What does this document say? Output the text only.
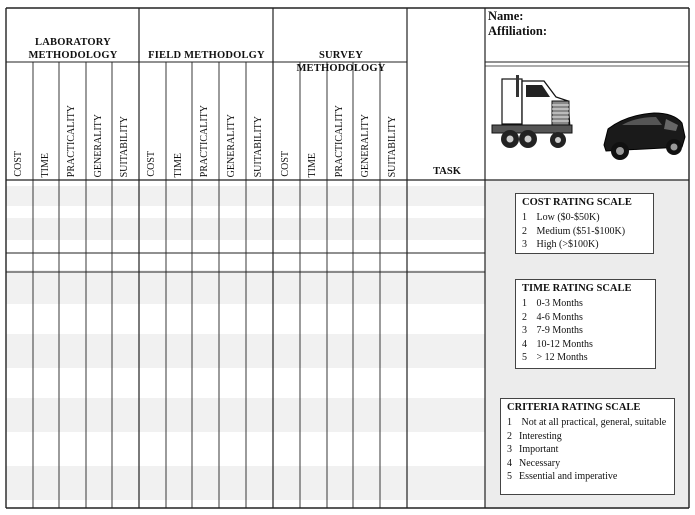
LABORATORY METHODOLOGY	FIELD METHODOLGY	SURVEY METHODOLOGY
COST TIME PRACTICALITY GENERALITY SUITABILITY COST TIME PRACTICALITY GENERALITY SUITABILITY COST TIME PRACTICALITY GENERALITY SUITABILITY	TASK
Name:
Affiliation:
COST RATING SCALE
1 Low ($0-$50K)
2 Medium ($51-$100K)
3 High (>$100K)
TIME RATING SCALE
1 0-3 Months
2 4-6 Months
3 7-9 Months
4 10-12 Months
5 > 12 Months
CRITERIA RATING SCALE
1 Not at all practical, general, suitable
2 Interesting
3 Important
4 Necessary
5 Essential and imperative
